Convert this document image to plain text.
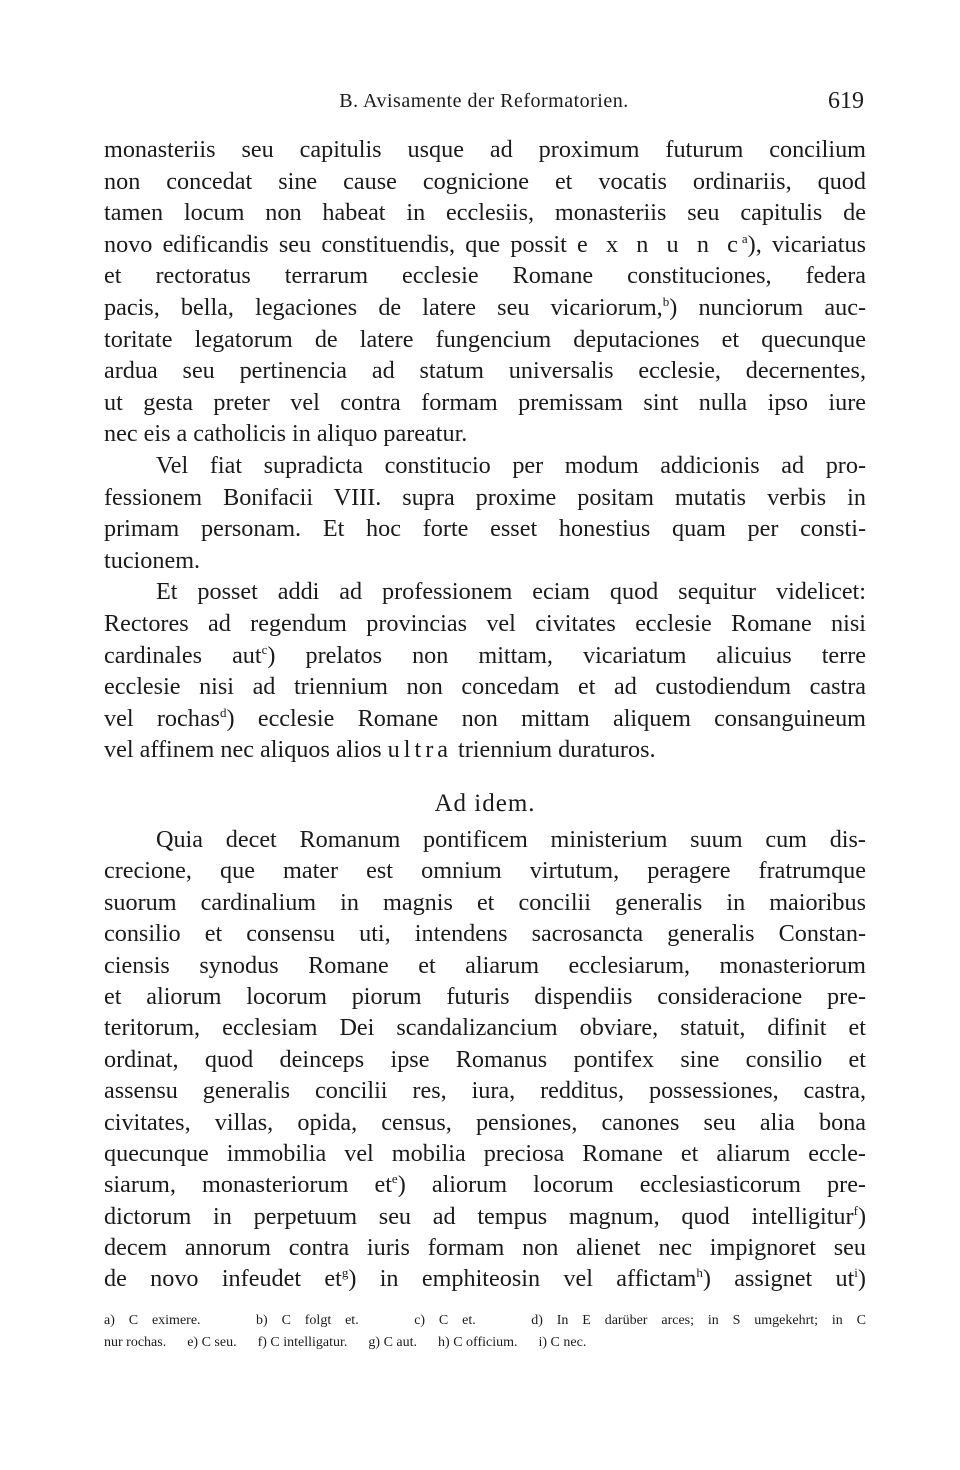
B. Avisamente der Reformatorien.	619
monasteriis seu capitulis usque ad proximum futurum concilium
non concedat sine cause cognicione et vocatis ordinariis, quod
tamen locum non habeat in ecclesiis, monasteriis seu capitulis de
novo edificandis seu constituendis, que possit e x n u n $c^a$), vicariatus
et rectoratus terrarum ecclesie Romane constituciones, federa
pacis, bella, legaciones de latere seu vicariorum,$^b$) nunciorum auc-
toritate legatorum de latere fungencium deputaciones et quecunque
ardua seu pertinencia ad statum universalis ecclesie, decernentes,
ut gesta preter vel contra formam premissam sint nulla ipso iure
nec eis a catholicis in aliquo pareatur.
Vel fiat supradicta constitucio per modum addicionis ad pro-
fessionem Bonifacii VIII. supra proxime positam mutatis verbis in
primam personam. Et hoc forte esset honestius quam per consti-
tucionem.
Et posset addi ad professionem eciam quod sequitur videlicet:
Rectores ad regendum provincias vel civitates ecclesie Romane nisi
cardinales aut$^c$) prelatos non mittam, vicariatum alicuius terre
ecclesie nisi ad triennium non concedam et ad custodiendum castra
vel rochas$^d$) ecclesie Romane non mittam aliquem consanguineum
vel affinem nec aliquos alios ultra triennium duraturos.
Ad idem.
Quia decet Romanum pontificem ministerium suum cum dis-
crecione, que mater est omnium virtutum, peragere fratrumque
suorum cardinalium in magnis et concilii generalis in maioribus
consilio et consensu uti, intendens sacrosancta generalis Constan-
ciensis synodus Romane et aliarum ecclesiarum, monasteriorum
et aliorum locorum piorum futuris dispendiis consideracione pre-
teritorum, ecclesiam Dei scandalizancium obviare, statuit, difinit et
ordinat, quod deinceps ipse Romanus pontifex sine consilio et
assensu generalis concilii res, iura, redditus, possessiones, castra,
civitates, villas, opida, census, pensiones, canones seu alia bona
quecunque immobilia vel mobilia preciosa Romane et aliarum eccle-
siarum, monasteriorum $et^e$) aliorum locorum ecclesiasticorum pre-
dictorum in perpetuum seu ad tempus magnum, quod intelligitur$^f$)
decem annorum contra iuris formam non alienet nec impignoret seu
de novo infeudet $et^g$) in emphiteosin vel affictam$^h$) assignet $ut^i$)
a) C eximere.	b) C folgt et.	c) C et.	d) In E darüber arces; in S umgekehrt; in C
nur rochas. e) C seu. f) C intelligatur. g) C aut. h) C officium. i) C nec.
